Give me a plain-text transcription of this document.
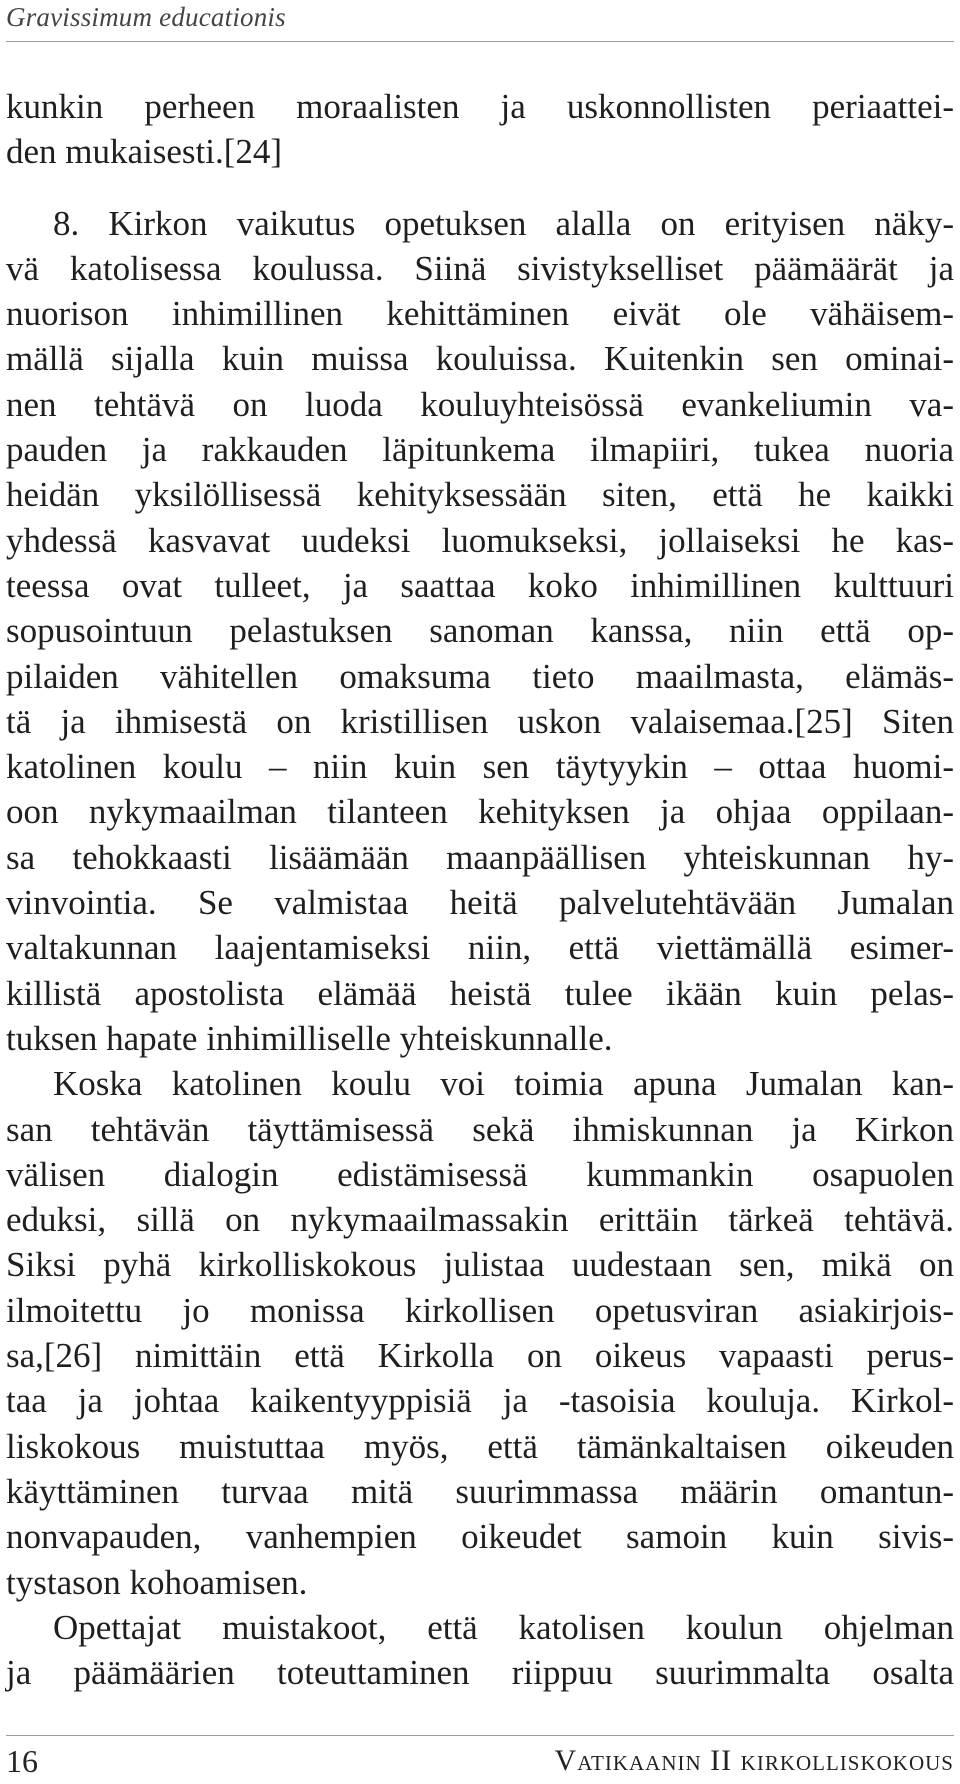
Gravissimum educationis
kunkin perheen moraalisten ja uskonnollisten periaattei-
den mukaisesti.[24]
8. Kirkon vaikutus opetuksen alalla on erityisen näky-
vä katolisessa koulussa. Siinä sivistykselliset päämäärät ja
nuorison inhimillinen kehittäminen eivät ole vähäisem-
mällä sijalla kuin muissa kouluissa. Kuitenkin sen ominai-
nen tehtävä on luoda kouluyhteisössä evankeliumin va-
pauden ja rakkauden läpitunkema ilmapiiri, tukea nuoria
heidän yksilöllisessä kehityksessään siten, että he kaikki
yhdessä kasvavat uudeksi luomukseksi, jollaiseksi he kas-
teessa ovat tulleet, ja saattaa koko inhimillinen kulttuuri
sopusointuun pelastuksen sanoman kanssa, niin että op-
pilaiden vähitellen omaksuma tieto maailmasta, elämäs-
tä ja ihmisestä on kristillisen uskon valaisemaa.[25] Siten
katolinen koulu – niin kuin sen täytyykin – ottaa huomi-
oon nykymaailman tilanteen kehityksen ja ohjaa oppilaan-
sa tehokkaasti lisäämään maanpäällisen yhteiskunnan hy-
vinvointia. Se valmistaa heitä palvelutehtävään Jumalan
valtakunnan laajentamiseksi niin, että viettämällä esimer-
killistä apostolista elämää heistä tulee ikään kuin pelas-
tuksen hapate inhimilliselle yhteiskunnalle.
Koska katolinen koulu voi toimia apuna Jumalan kan-
san tehtävän täyttämisessä sekä ihmiskunnan ja Kirkon
välisen dialogin edistämisessä kummankin osapuolen
eduksi, sillä on nykymaailmassakin erittäin tärkeä tehtävä.
Siksi pyhä kirkolliskokous julistaa uudestaan sen, mikä on
ilmoitettu jo monissa kirkollisen opetusviran asiakirjois-
sa,[26] nimittäin että Kirkolla on oikeus vapaasti perus-
taa ja johtaa kaikentyyppisiä ja -tasoisia kouluja. Kirkol-
liskokous muistuttaa myös, että tämänkaltaisen oikeuden
käyttäminen turvaa mitä suurimmassa määrin omantun-
nonvapauden, vanhempien oikeudet samoin kuin sivis-
tystason kohoamisen.
Opettajat muistakoot, että katolisen koulun ohjelman
ja päämäärien toteuttaminen riippuu suurimmalta osalta
16	Vatikaanin II kirkolliskokous
